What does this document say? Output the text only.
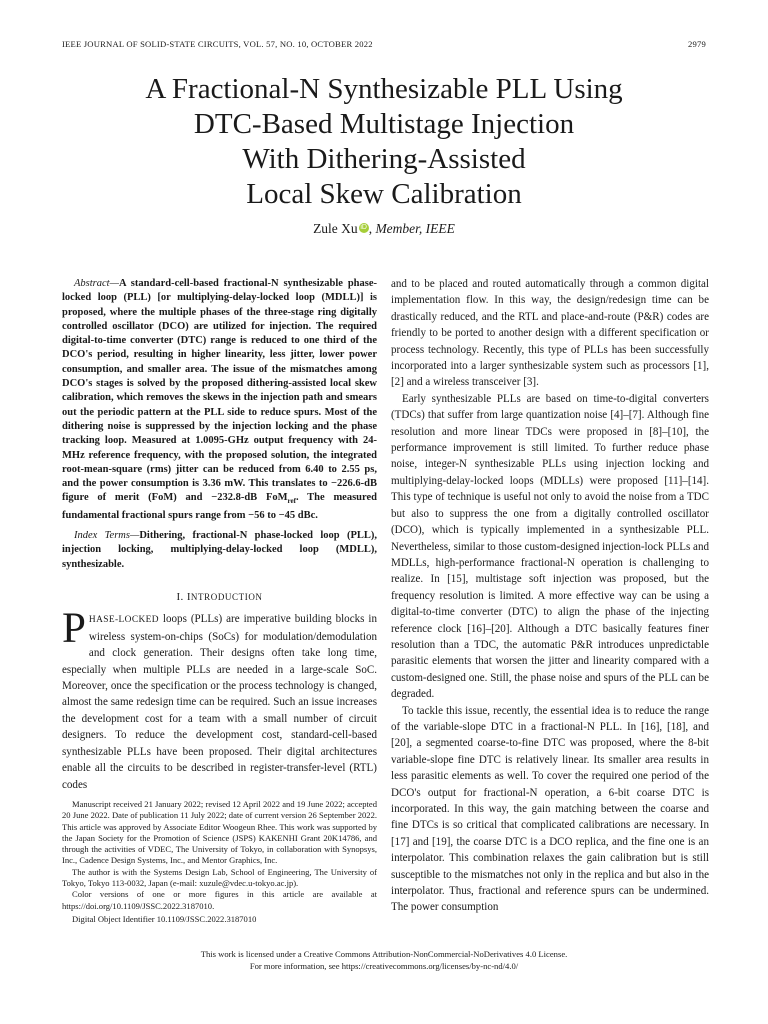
IEEE JOURNAL OF SOLID-STATE CIRCUITS, VOL. 57, NO. 10, OCTOBER 2022	2979
A Fractional-N Synthesizable PLL Using
DTC-Based Multistage Injection
With Dithering-Assisted
Local Skew Calibration
Zule Xu iD , Member, IEEE

Abstract—A standard-cell-based fractional-N synthesizable phase-locked loop (PLL) [or multiplying-delay-locked loop (MDLL)] is proposed, where the multiple phases of the three-stage ring digitally controlled oscillator (DCO) are utilized for injection. The required digital-to-time converter (DTC) range is reduced to one third of the DCO's period, resulting in higher linearity, less jitter, lower power consumption, and smaller area. The issue of the mismatches among DCO's stages is solved by the proposed dithering-assisted local skew calibration, which removes the skews in the injection path and smears out the periodic pattern at the PLL side to reduce spurs. Most of the dithering noise is suppressed by the injection locking and the phase tracking loop. Measured at 1.0095-GHz output frequency with 24-MHz reference frequency, with the proposed solution, the integrated root-mean-square (rms) jitter can be reduced from 6.40 to 2.55 ps, and the power consumption is 3.36 mW. This translates to −226.6-dB figure of merit (FoM) and −232.8-dB FoM$_{ref}$. The measured fundamental fractional spurs range from −56 to −45 dBc.

Index Terms—Dithering, fractional-N phase-locked loop (PLL), injection locking, multiplying-delay-locked loop (MDLL), synthesizable.

I. INTRODUCTION

PHASE-LOCKED loops (PLLs) are imperative building blocks in wireless system-on-chips (SoCs) for modulation/demodulation and clock generation. Their designs often take long time, especially when multiple PLLs are needed in a large-scale SoC. Moreover, once the specification or the process technology is changed, almost the same redesign time can be required. Such an issue increases the development cost for a team with a small number of circuit designers. To reduce the development cost, standard-cell-based synthesizable PLLs have been proposed. Their digital architectures enable all the circuits to be described in register-transfer-level (RTL) codes

Manuscript received 21 January 2022; revised 12 April 2022 and 19 June 2022; accepted 20 June 2022. Date of publication 11 July 2022; date of current version 26 September 2022. This article was approved by Associate Editor Woogeun Rhee. This work was supported by the Japan Society for the Promotion of Science (JSPS) KAKENHI Grant 20K14786, and through the activities of VDEC, The University of Tokyo, in collaboration with Synopsys, Inc., Cadence Design Systems, Inc., and Mentor Graphics, Inc.

The author is with the Systems Design Lab, School of Engineering, The University of Tokyo, Tokyo 113-0032, Japan (e-mail: xuzule@vdec.u-tokyo.ac.jp).

Color versions of one or more figures in this article are available at https://doi.org/10.1109/JSSC.2022.3187010.

Digital Object Identifier 10.1109/JSSC.2022.3187010

and to be placed and routed automatically through a common digital implementation flow. In this way, the design/redesign time can be drastically reduced, and the RTL and place-and-route (P&R) codes are friendly to be ported to another design with a different specification or process technology. Recently, this type of PLLs has been successfully incorporated into a larger synthesizable system such as processors [1], [2] and a wireless transceiver [3].

Early synthesizable PLLs are based on time-to-digital converters (TDCs) that suffer from large quantization noise [4]–[7]. Although fine resolution and more linear TDCs were proposed in [8]–[10], the performance improvement is still limited. To further reduce phase noise, integer-N synthesizable PLLs using injection locking and multiplying-delay-locked loops (MDLLs) were proposed [11]–[14]. This type of technique is useful not only to avoid the noise from a TDC but also to suppress the one from a digitally controlled oscillator (DCO), which is typically implemented in a synthesizable PLL. Nevertheless, similar to those custom-designed injection-lock PLLs and MDLLs, high-performance fractional-N operation is challenging to realize. In [15], multistage soft injection was proposed, but the frequency resolution is limited. A more effective way can be using a digital-to-time converter (DTC) to align the phase of the injecting reference clock [16]–[20]. Although a DTC basically features finer resolution than a TDC, the automatic P&R introduces unpredictable parasitic elements that worsen the jitter and linearity compared with a custom-designed one. Still, the phase noise and spurs of the PLL can be degraded.

To tackle this issue, recently, the essential idea is to reduce the range of the variable-slope DTC in a fractional-N PLL. In [16], [18], and [20], a segmented coarse-to-fine DTC was proposed, where the 8-bit variable-slope fine DTC is relatively linear. Its smaller area results in less parasitic elements as well. To cover the required one period of the DCO's output for fractional-N operation, a 6-bit coarse DTC is incorporated. In this way, the gain matching between the coarse and fine DTCs is so critical that complicated calibrations are necessary. In [17] and [19], the coarse DTC is a DCO replica, and the fine one is an interpolator. This combination relaxes the gain calibration but is still susceptible to the mismatches not only in the replica and but also in the interpolator. Thus, fractional and reference spurs can be undermined. The power consumption

This work is licensed under a Creative Commons Attribution-NonCommercial-NoDerivatives 4.0 License.
For more information, see https://creativecommons.org/licenses/by-nc-nd/4.0/
